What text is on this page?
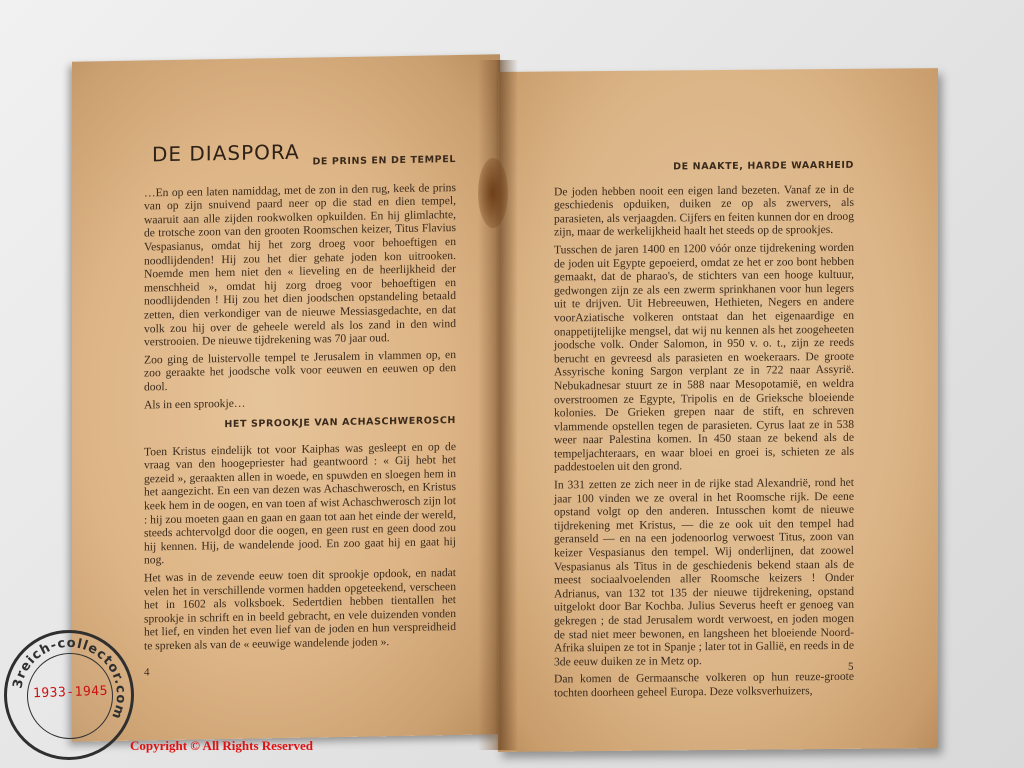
DE DIASPORA	DE PRINS EN DE TEMPEL

…En op een laten namiddag, met de zon in den rug, keek de prins van op zijn snuivend paard neer op die stad en dien tempel, waaruit aan alle zijden rookwolken opkuilden. En hij glimlachte, de trotsche zoon van den grooten Roomschen keizer, Titus Flavius Vespasianus, omdat hij het zorg droeg voor behoeftigen en noodlijdenden! Hij zou het dier gehate joden kon uitrooken. Noemde men hem niet den « lieveling en de heerlijkheid der menschheid », omdat hij zorg droeg voor behoeftigen en noodlijdenden ! Hij zou het dien joodschen opstandeling betaald zetten, dien verkondiger van de nieuwe Messiasgedachte, en dat volk zou hij over de geheele wereld als los zand in den wind verstrooien. De nieuwe tijdrekening was 70 jaar oud.

Zoo ging de luistervolle tempel te Jerusalem in vlammen op, en zoo geraakte het joodsche volk voor eeuwen en eeuwen op den dool.

Als in een sprookje…

HET SPROOKJE VAN ACHASCHWEROSCH

Toen Kristus eindelijk tot voor Kaiphas was gesleept en op de vraag van den hoogepriester had geantwoord : « Gij hebt het gezeid », geraakten allen in woede, en spuwden en sloegen hem in het aangezicht. En een van dezen was Achaschwerosch, en Kristus keek hem in de oogen, en van toen af wist Achaschwerosch zijn lot : hij zou moeten gaan en gaan en gaan tot aan het einde der wereld, steeds achtervolgd door die oogen, en geen rust en geen dood zou hij kennen. Hij, de wandelende jood. En zoo gaat hij en gaat hij nog.

Het was in de zevende eeuw toen dit sprookje opdook, en nadat velen het in verschillende vormen hadden opgeteekend, verscheen het in 1602 als volksboek. Sedertdien hebben tientallen het sprookje in schrift en in beeld gebracht, en vele duizenden vonden het lief, en vinden het even lief van de joden en hun verspreidheid te spreken als van de « eeuwige wandelende joden ».

4

DE NAAKTE, HARDE WAARHEID

De joden hebben nooit een eigen land bezeten. Vanaf ze in de geschiedenis opduiken, duiken ze op als zwervers, als parasieten, als verjaagden. Cijfers en feiten kunnen dor en droog zijn, maar de werkelijkheid haalt het steeds op de sprookjes.

Tusschen de jaren 1400 en 1200 vóór onze tijdrekening worden de joden uit Egypte gepoeierd, omdat ze het er zoo bont hebben gemaakt, dat de pharao's, de stichters van een hooge kultuur, gedwongen zijn ze als een zwerm sprinkhanen voor hun legers uit te drijven. Uit Hebreeuwen, Hethieten, Negers en andere voorAziatische volkeren ontstaat dan het eigenaardige en onappetijtelijke mengsel, dat wij nu kennen als het zoogeheeten joodsche volk. Onder Salomon, in 950 v. o. t., zijn ze reeds berucht en gevreesd als parasieten en woekeraars. De groote Assyrische koning Sargon verplant ze in 722 naar Assyrië. Nebukadnesar stuurt ze in 588 naar Mesopotamië, en weldra overstroomen ze Egypte, Tripolis en de Grieksche bloeiende kolonies. De Grieken grepen naar de stift, en schreven vlammende opstellen tegen de parasieten. Cyrus laat ze in 538 weer naar Palestina komen. In 450 staan ze bekend als de tempeljachteraars, en waar bloei en groei is, schieten ze als paddestoelen uit den grond.

In 331 zetten ze zich neer in de rijke stad Alexandrië, rond het jaar 100 vinden we ze overal in het Roomsche rijk. De eene opstand volgt op den anderen. Intusschen komt de nieuwe tijdrekening met Kristus, — die ze ook uit den tempel had geranseld — en na een jodenoorlog verwoest Titus, zoon van keizer Vespasianus den tempel. Wij onderlijnen, dat zoowel Vespasianus als Titus in de geschiedenis bekend staan als de meest sociaalvoelenden aller Roomsche keizers ! Onder Adrianus, van 132 tot 135 der nieuwe tijdrekening, opstand uitgelokt door Bar Kochba. Julius Severus heeft er genoeg van gekregen ; de stad Jerusalem wordt verwoest, en joden mogen de stad niet meer bewonen, en langsheen het bloeiende Noord-Afrika sluipen ze tot in Spanje ; later tot in Gallië, en reeds in de 3de eeuw duiken ze in Metz op.

Dan komen de Germaansche volkeren op hun reuze-groote tochten doorheen geheel Europa. Deze volksverhuizers,

5
3reich-collector.com
1933-1945
Copyright © All Rights Reserved
